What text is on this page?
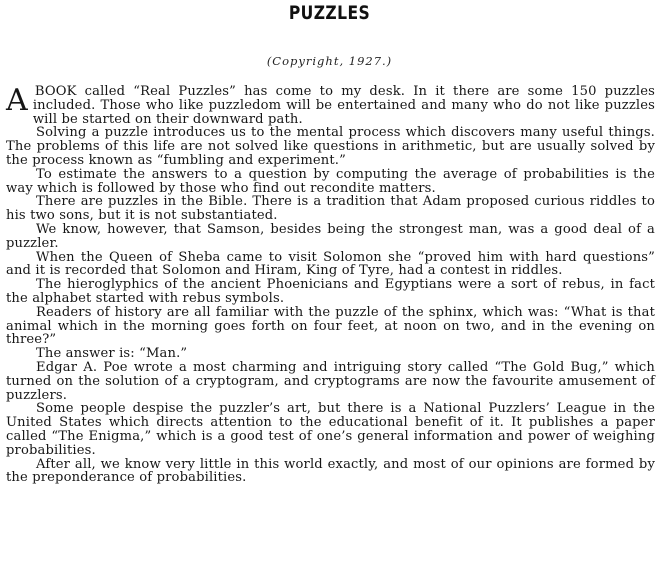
PUZZLES
(Copyright, 1927.)

A BOOK called “Real Puzzles” has come to my desk. In it there are some 150 puzzles included. Those who like puzzledom will be entertained and many who do not like puzzles will be started on their downward path.

Solving a puzzle introduces us to the mental process which discovers many useful things. The problems of this life are not solved like questions in arithmetic, but are usually solved by the process known as “fumbling and experiment.”

To estimate the answers to a question by computing the average of probabilities is the way which is followed by those who find out recondite matters.

There are puzzles in the Bible. There is a tradition that Adam proposed curious riddles to his two sons, but it is not substantiated.

We know, however, that Samson, besides being the strongest man, was a good deal of a puzzler.

When the Queen of Sheba came to visit Solomon she “proved him with hard questions” and it is recorded that Solomon and Hiram, King of Tyre, had a contest in riddles.

The hieroglyphics of the ancient Phoenicians and Egyptians were a sort of rebus, in fact the alphabet started with rebus symbols.

Readers of history are all familiar with the puzzle of the sphinx, which was: “What is that animal which in the morning goes forth on four feet, at noon on two, and in the evening on three?”

The answer is: “Man.”

Edgar A. Poe wrote a most charming and intriguing story called “The Gold Bug,” which turned on the solution of a cryptogram, and cryptograms are now the favourite amusement of puzzlers.

Some people despise the puzzler’s art, but there is a National Puzzlers’ League in the United States which directs attention to the educational benefit of it. It publishes a paper called “The Enigma,” which is a good test of one’s general information and power of weighing probabilities.

After all, we know very little in this world exactly, and most of our opinions are formed by the preponderance of probabilities.
